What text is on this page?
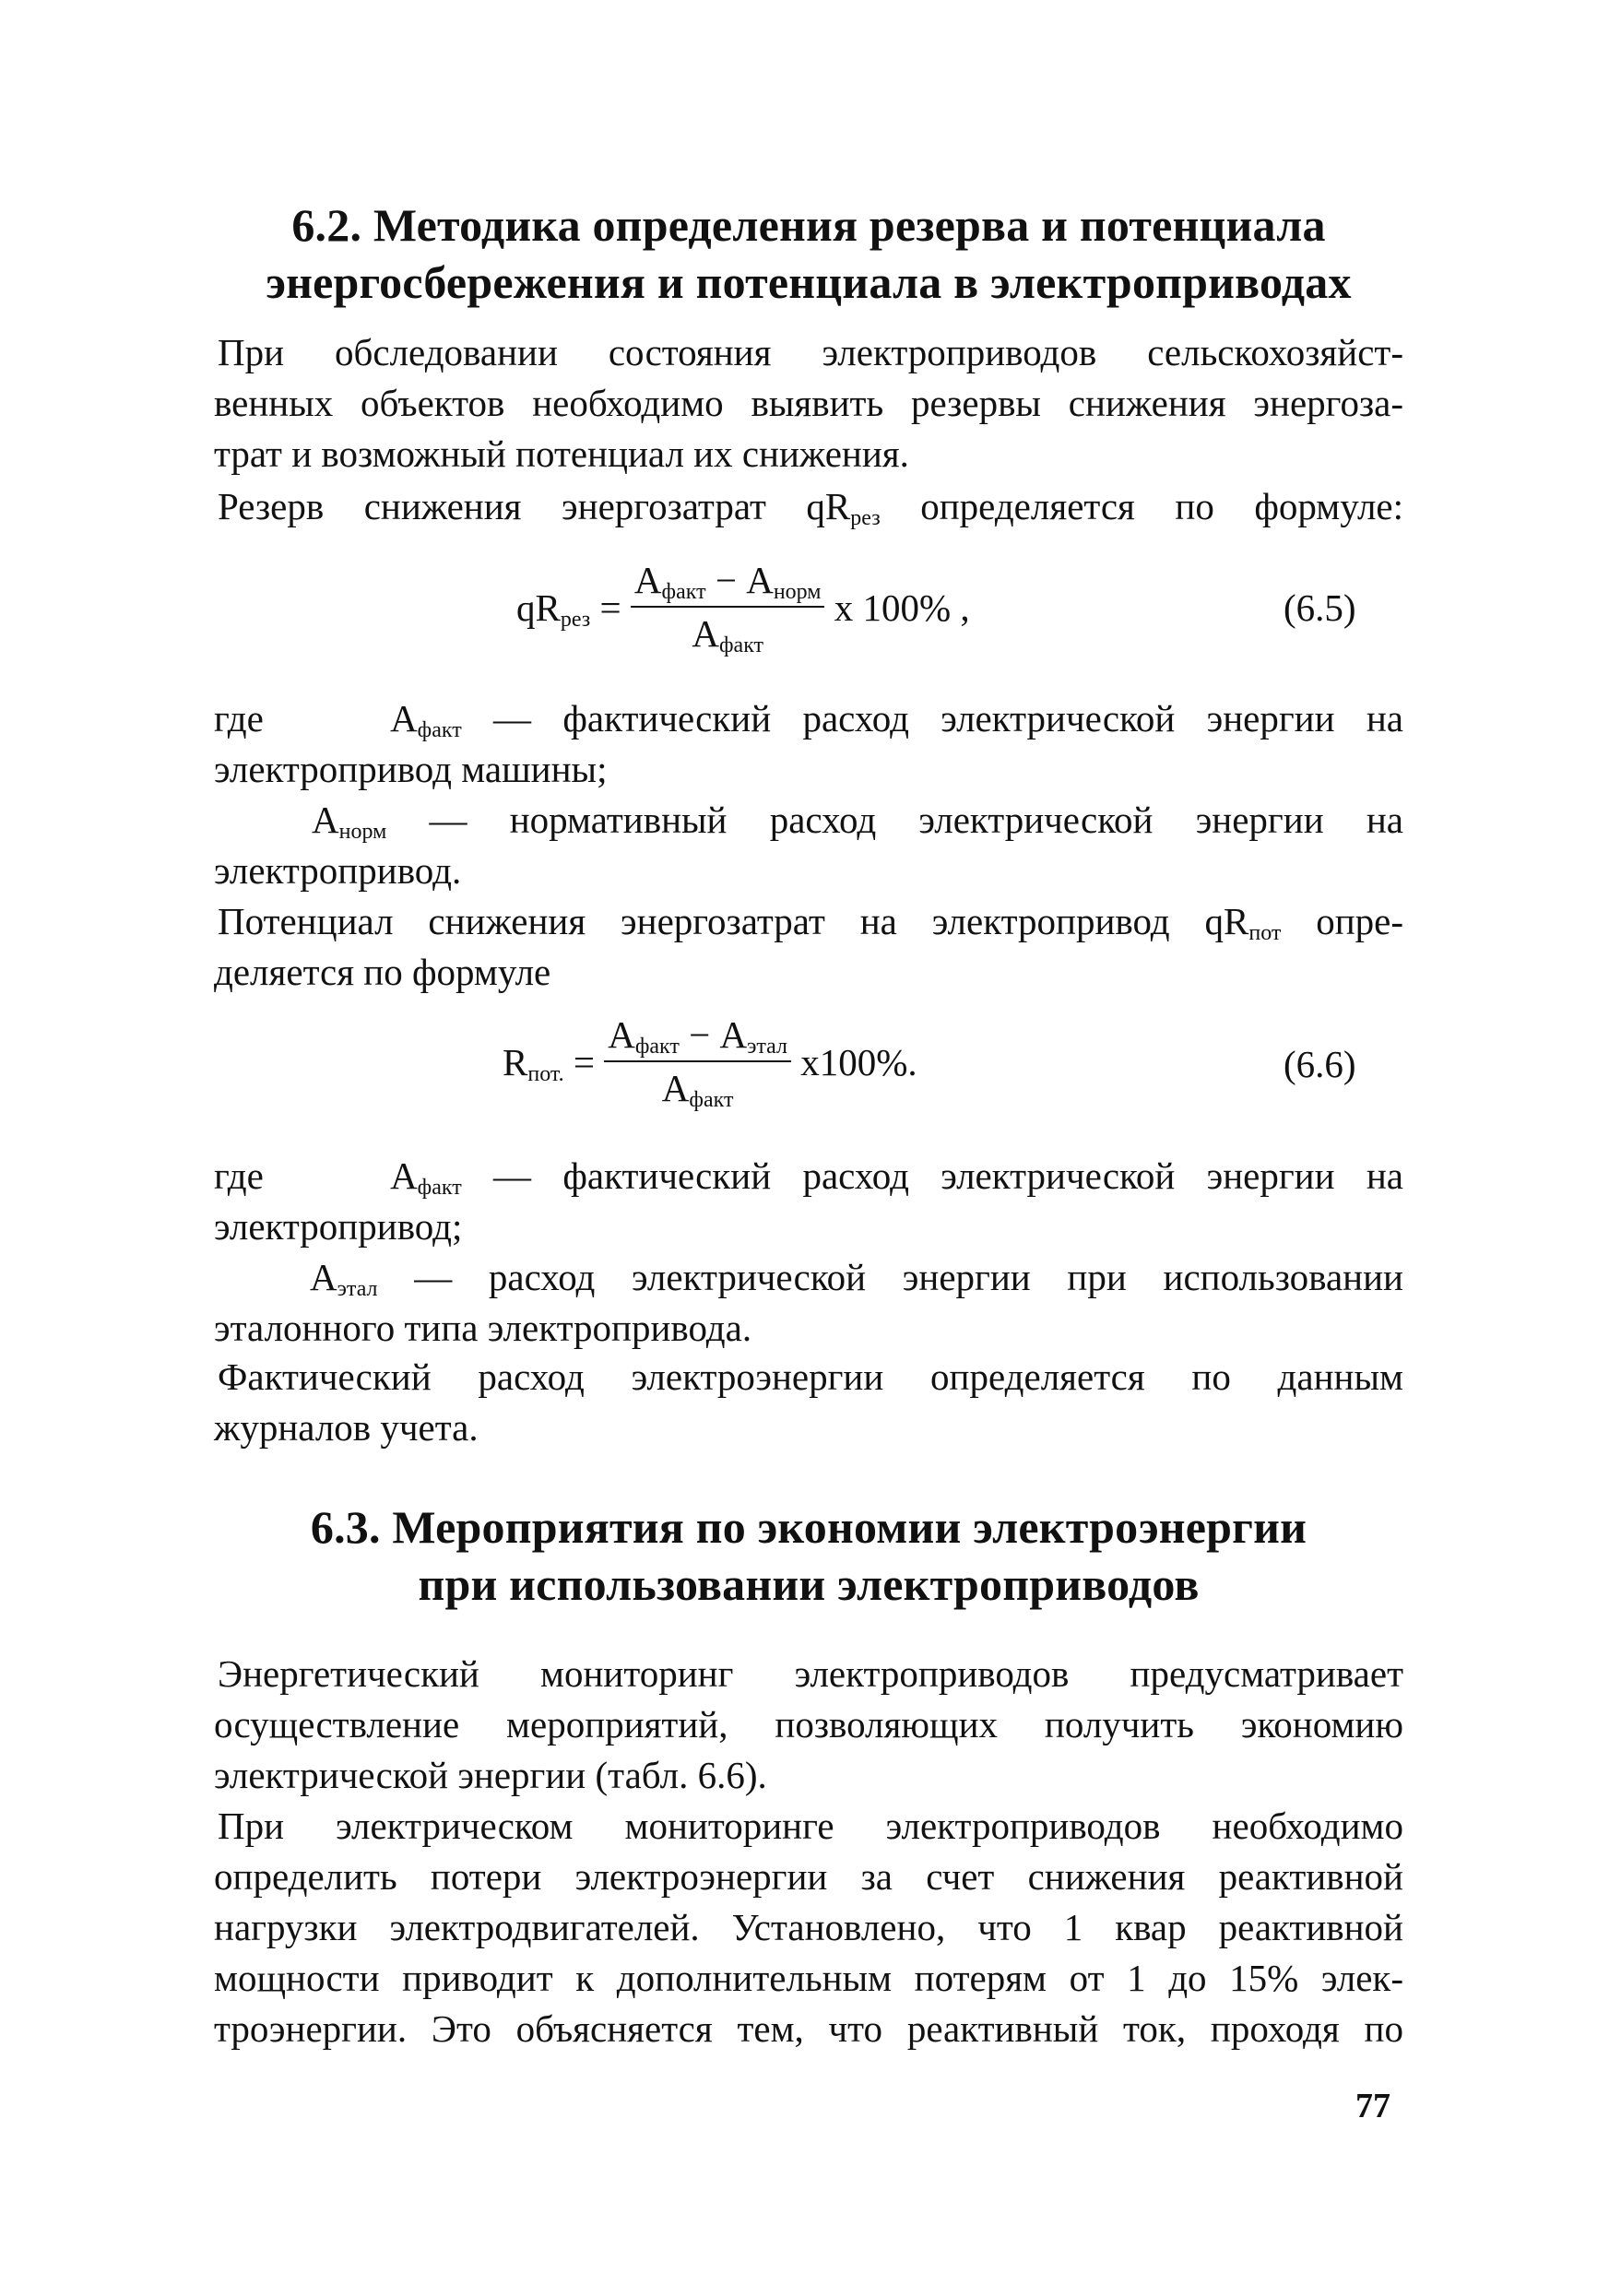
6.2. Методика определения резерва и потенциала
энергосбережения и потенциала в электроприводах

При обследовании состояния электроприводов сельскохозяйст-
венных объектов необходимо выявить резервы снижения энергоза-
трат и возможный потенциал их снижения.

Резерв снижения энергозатрат $qR_{рез}$ определяется по формуле:

$qR_{рез} = \frac{A_{факт} - A_{норм}}{A_{факт}}$ x 100% ,	(6.5)

где	$A_{факт}$ — фактический расход электрической энергии на
электропривод машины;

$A_{норм}$ — нормативный расход электрической энергии на
электропривод.

Потенциал снижения энергозатрат на электропривод $qR_{пот}$ опре-
деляется по формуле

$R_{пот.} = \frac{A_{факт} - A_{этал}}{A_{факт}} x100\%$.	(6.6)

где	$A_{факт}$ — фактический расход электрической энергии на
электропривод;

$A_{этал}$ — расход электрической энергии при использовании
эталонного типа электропривода.

Фактический расход электроэнергии определяется по данным
журналов учета.

6.3. Мероприятия по экономии электроэнергии
при использовании электроприводов

Энергетический мониторинг электроприводов предусматривает
осуществление мероприятий, позволяющих получить экономию
электрической энергии (табл. 6.6).

При электрическом мониторинге электроприводов необходимо
определить потери электроэнергии за счет снижения реактивной
нагрузки электродвигателей. Установлено, что 1 квар реактивной
мощности приводит к дополнительным потерям от 1 до 15% элек-
троэнергии. Это объясняется тем, что реактивный ток, проходя по

77
